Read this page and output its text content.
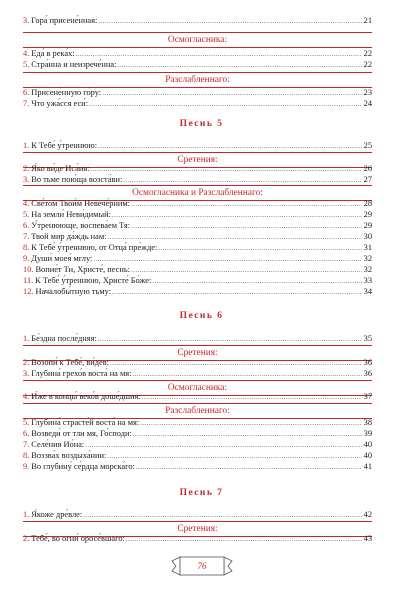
3. Гора́ присене́нная: .....	21
Осмогласника:
4. Еда́ в река́х: .....	22
5. Стра́нна и неизрече́нна: .....	22
Разслабленнаго:
6. Присене́нную го́ру: .....	23
7. Что ужа́сся еси́: .....	24
Песнь 5
1. К Тебе́ у́треннюю: .....	25
Сретения:
2. Я́ко ви́де Иса́ия: .....	26
3. Во тьме пою́ща возста́ви: .....	27
Осмогласника и Разслабленнаго:
4. Све́том Твои́м Невече́рним: .....	28
5. На земли́ Неви́димый: .....	29
6. У́тренююще, воспева́ем Тя: .....	29
7. Твой мир да́ждь нам: .....	30
8. К Тебе́ у́треннюю, от Отца́ пре́жде: .....	31
9. Души́ моея́ мглу: .....	32
10. Вопие́т Ти, Христе́, песнь: .....	32
11. К Тебе́ у́треннюю, Христе́ Бо́же: .....	33
12. Началобы́тную тьму: .....	34
Песнь 6
1. Бе́здна после́дняя: .....	35
Сретения:
2. Возопи́ к Тебе́, ви́дев: .....	36
3. Глубина́ грехо́в воста́ на мя: .....	36
Осмогласника:
4. И́же в концы́ веко́в доше́дшия: .....	37
Разслабленнаго:
5. Глубина́ страсте́й воста́ на мя: .....	38
6. Возведи́ от тли мя, Го́споди: .....	39
7. Селе́ния Ио́на: .....	40
8. Воззва́х воздыха́нии: .....	40
9. Во глубину́ се́рдца морска́го: .....	41
Песнь 7
1. Я́коже дре́вле: .....	42
Сретения:
2. Тебе́, во огни́ оросе́вшаго: .....	43
76
